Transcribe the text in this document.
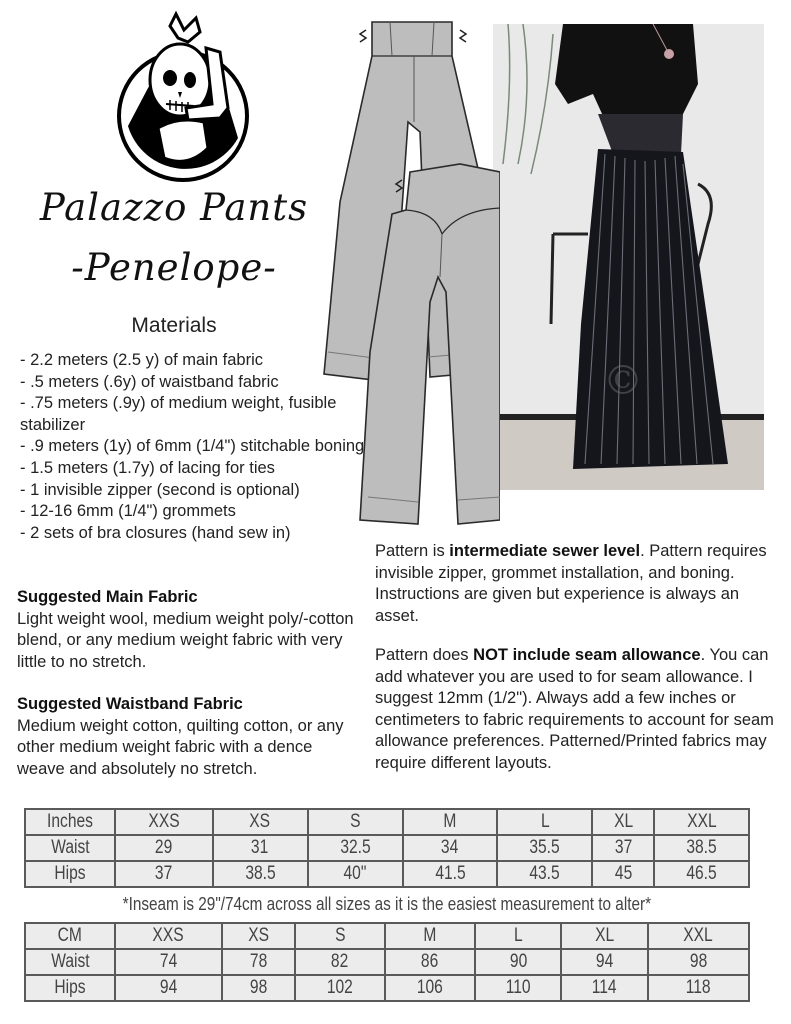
Palazzo Pants
-Penelope-
Materials
- 2.2 meters (2.5 y) of main fabric
- .5 meters (.6y) of waistband fabric
- .75 meters (.9y) of medium weight, fusible stabilizer
- .9 meters (1y) of 6mm (1/4") stitchable boning
- 1.5 meters (1.7y) of lacing for ties
- 1 invisible zipper (second is optional)
- 12-16 6mm (1/4") grommets
- 2 sets of bra closures (hand sew in)
Suggested Main Fabric
Light weight wool, medium weight poly/-cotton blend, or any medium weight fabric with very little to no stretch.
Suggested Waistband Fabric
Medium weight cotton, quilting cotton, or any other medium weight fabric with a dence weave and absolutely no stretch.
Pattern is intermediate sewer level. Pattern requires invisible zipper, grommet installation, and boning. Instructions are given but experience is always an asset.
Pattern does NOT include seam allowance. You can add whatever you are used to for seam allowance. I suggest 12mm (1/2"). Always add a few inches or centimeters to fabric requirements to account for seam allowance preferences. Patterned/Printed fabrics may require different layouts.
©
Inches	XXS	XS	S	M	L	XL	XXL
Waist	29	31	32.5	34	35.5	37	38.5
Hips	37	38.5	40"	41.5	43.5	45	46.5
*Inseam is 29"/74cm across all sizes as it is the easiest measurement to alter*
CM	XXS	XS	S	M	L	XL	XXL
Waist	74	78	82	86	90	94	98
Hips	94	98	102	106	110	114	118
